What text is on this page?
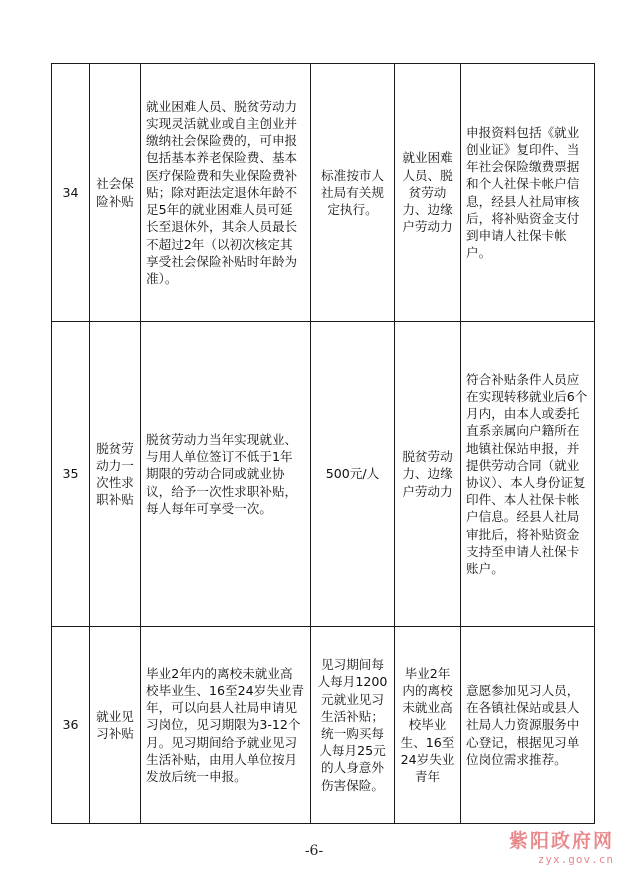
34	社会保险补贴	就业困难人员、脱贫劳动力实现灵活就业或自主创业并缴纳社会保险费的，可申报包括基本养老保险费、基本医疗保险费和失业保险费补贴；除对距法定退休年龄不足5年的就业困难人员可延长至退休外，其余人员最长不超过2年（以初次核定其享受社会保险补贴时年龄为准）。	标准按市人社局有关规定执行。	就业困难人员、脱贫劳动力、边缘户劳动力	申报资料包括《就业创业证》复印件、当年社会保险缴费票据和个人社保卡帐户信息，经县人社局审核后，将补贴资金支付到申请人社保卡帐户。
35	脱贫劳动力一次性求职补贴	脱贫劳动力当年实现就业、与用人单位签订不低于1年期限的劳动合同或就业协议，给予一次性求职补贴，每人每年可享受一次。	500元/人	脱贫劳动力、边缘户劳动力	符合补贴条件人员应在实现转移就业后6个月内，由本人或委托直系亲属向户籍所在地镇社保站申报，并提供劳动合同（就业协议）、本人身份证复印件、本人社保卡帐户信息。经县人社局审批后，将补贴资金支持至申请人社保卡账户。
36	就业见习补贴	毕业2年内的离校未就业高校毕业生、16至24岁失业青年，可以向县人社局申请见习岗位，见习期限为3-12个月。见习期间给予就业见习生活补贴，由用人单位按月发放后统一申报。	见习期间每人每月1200元就业见习生活补贴；统一购买每人每月25元的人身意外伤害保险。	毕业2年内的离校未就业高校毕业生、16至24岁失业青年	意愿参加见习人员，在各镇社保站或县人社局人力资源服务中心登记，根据见习单位岗位需求推荐。
-6-	紫阳政府网
zyx.gov.cn
